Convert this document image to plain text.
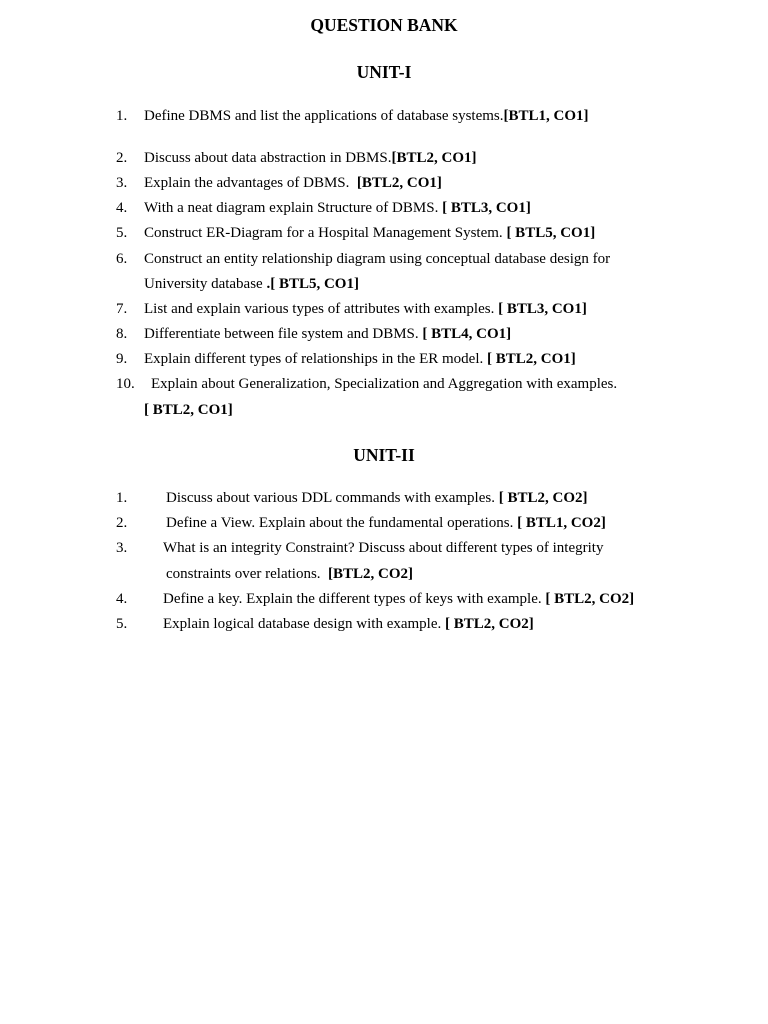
QUESTION BANK
UNIT-I
1. Define DBMS and list the applications of database systems.[BTL1, CO1]
2. Discuss about data abstraction in DBMS.[BTL2, CO1]
3. Explain the advantages of DBMS. [BTL2, CO1]
4. With a neat diagram explain Structure of DBMS. [ BTL3, CO1]
5. Construct ER-Diagram for a Hospital Management System. [ BTL5, CO1]
6. Construct an entity relationship diagram using conceptual database design for
University database .[ BTL5, CO1]
7. List and explain various types of attributes with examples. [ BTL3, CO1]
8. Differentiate between file system and DBMS. [ BTL4, CO1]
9. Explain different types of relationships in the ER model. [ BTL2, CO1]
10. Explain about Generalization, Specialization and Aggregation with examples.
[ BTL2, CO1]
UNIT-II
1.	Discuss about various DDL commands with examples. [ BTL2, CO2]
2.	Define a View. Explain about the fundamental operations. [ BTL1, CO2]
3. What is an integrity Constraint? Discuss about different types of integrity
constraints over relations. [BTL2, CO2]
4. Define a key. Explain the different types of keys with example. [ BTL2, CO2]
5. Explain logical database design with example. [ BTL2, CO2]
